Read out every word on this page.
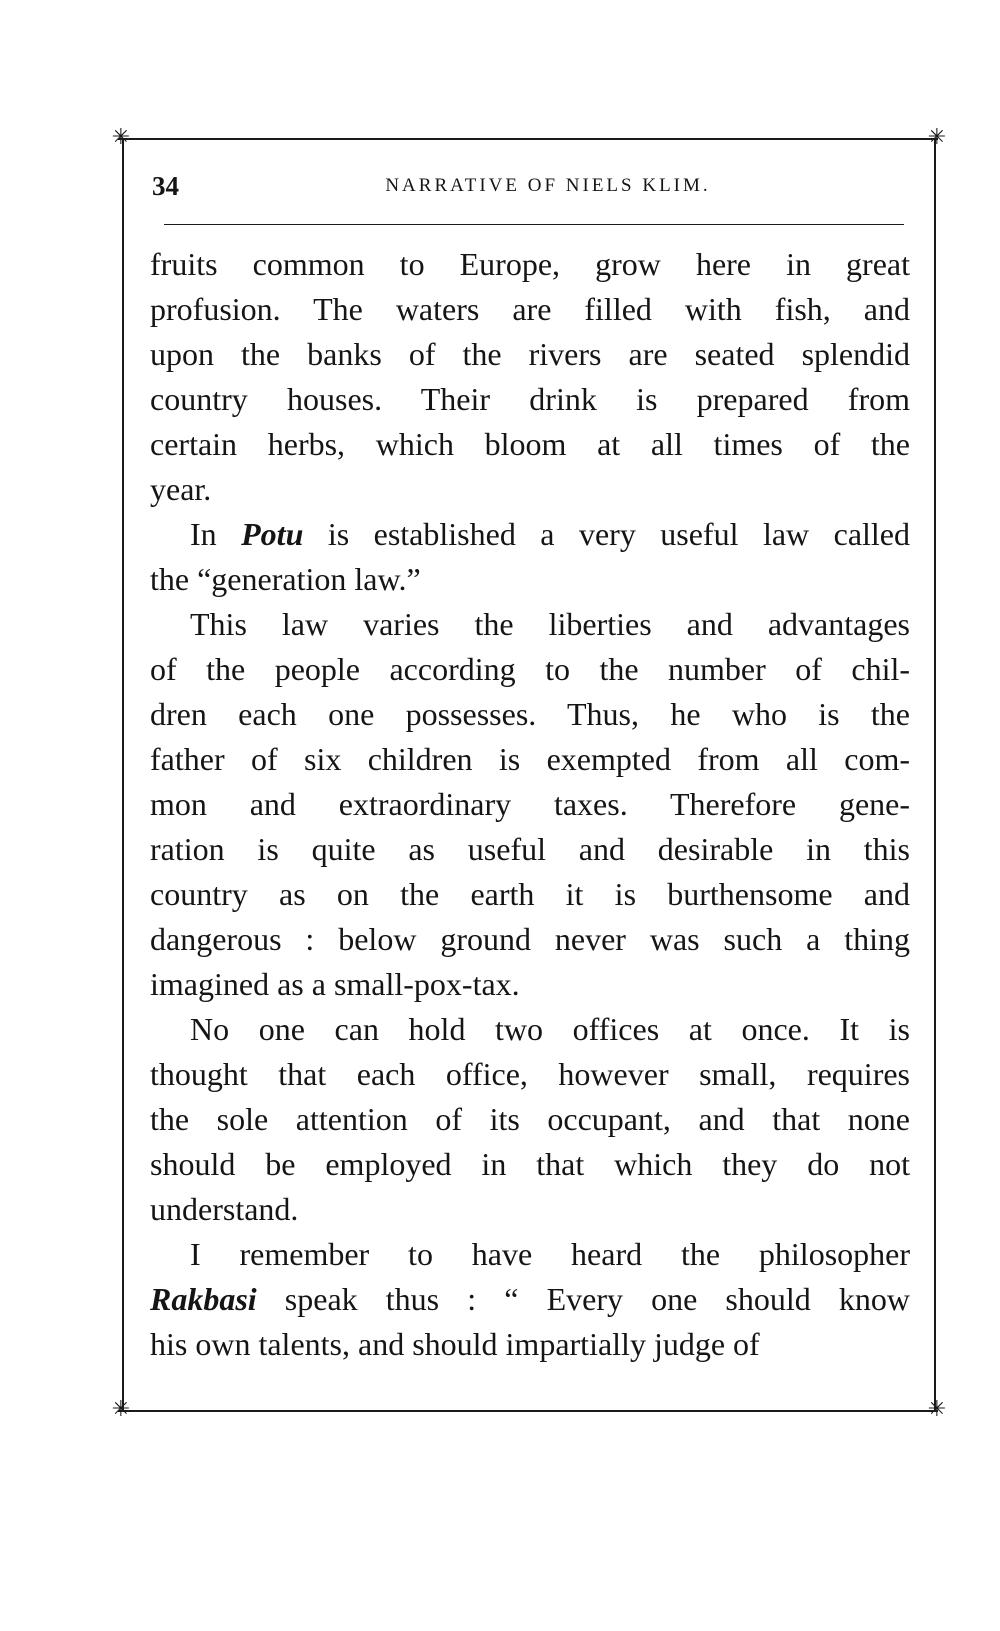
✳	✳
✳	✳
34	NARRATIVE OF NIELS KLIM.
fruits common to Europe, grow here in great
profusion. The waters are filled with fish, and
upon the banks of the rivers are seated splendid
country houses. Their drink is prepared from
certain herbs, which bloom at all times of the
year.
In Potu is established a very useful law called
the “generation law.”
This law varies the liberties and advantages
of the people according to the number of chil-
dren each one possesses. Thus, he who is the
father of six children is exempted from all com-
mon and extraordinary taxes. Therefore gene-
ration is quite as useful and desirable in this
country as on the earth it is burthensome and
dangerous : below ground never was such a thing
imagined as a small-pox-tax.
No one can hold two offices at once. It is
thought that each office, however small, requires
the sole attention of its occupant, and that none
should be employed in that which they do not
understand.
I remember to have heard the philosopher
Rakbasi speak thus : “ Every one should know
his own talents, and should impartially judge of
